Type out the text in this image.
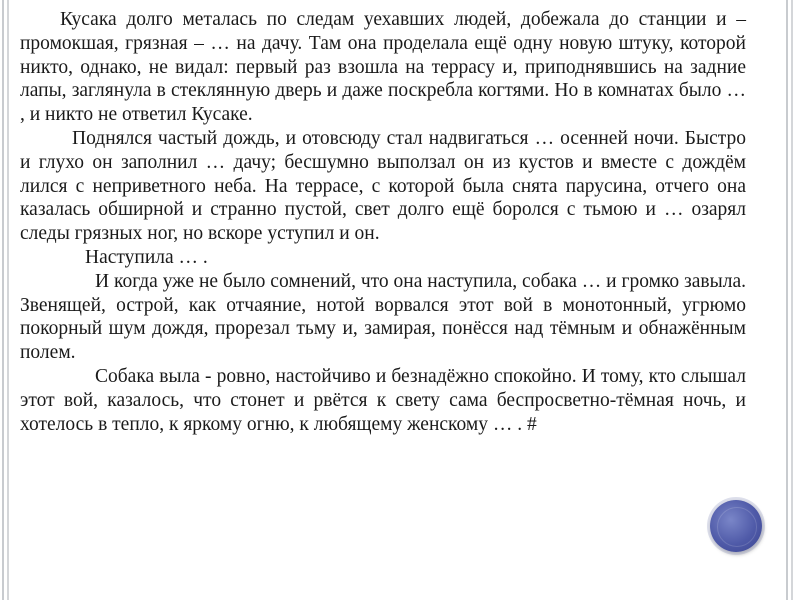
Кусака долго металась по следам уехавших людей, добежала до станции и – промокшая, грязная – … на дачу. Там она проделала ещё одну новую штуку, которой никто, однако, не видал: первый раз взошла на террасу и, приподнявшись на задние лапы, заглянула в стеклянную дверь и даже поскребла когтями. Но в комнатах было … , и никто не ответил Кусаке.

Поднялся частый дождь, и отовсюду стал надвигаться … осенней ночи. Быстро и глухо он заполнил … дачу; бесшумно выползал он из кустов и вместе с дождём лился с неприветного неба. На террасе, с которой была снята парусина, отчего она казалась обширной и странно пустой, свет долго ещё боролся с тьмою и … озарял следы грязных ног, но вскоре уступил и он.

Наступила … .

И когда уже не было сомнений, что она наступила, собака … и громко завыла. Звенящей, острой, как отчаяние, нотой ворвался этот вой в монотонный, угрюмо покорный шум дождя, прорезал тьму и, замирая, понёсся над тёмным и обнажённым полем.

Собака выла - ровно, настойчиво и безнадёжно спокойно. И тому, кто слышал этот вой, казалось, что стонет и рвётся к свету сама беспросветно-тёмная ночь, и хотелось в тепло, к яркому огню, к любящему женскому … . #
